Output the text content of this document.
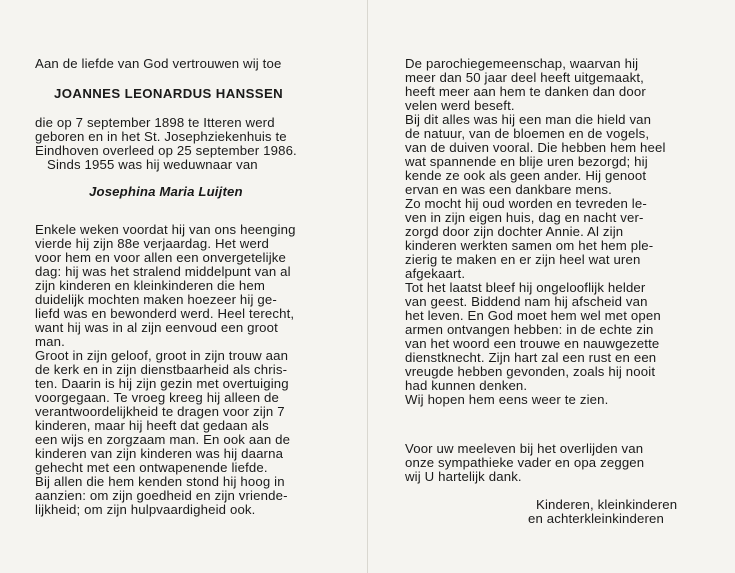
Aan de liefde van God vertrouwen wij toe
JOANNES LEONARDUS HANSSEN
die op 7 september 1898 te Itteren werd
geboren en in het St. Josephziekenhuis te
Eindhoven overleed op 25 september 1986.
Sinds 1955 was hij weduwnaar van
Josephina Maria Luijten
Enkele weken voordat hij van ons heenging
vierde hij zijn 88e verjaardag. Het werd
voor hem en voor allen een onvergetelijke
dag: hij was het stralend middelpunt van al
zijn kinderen en kleinkinderen die hem
duidelijk mochten maken hoezeer hij ge-
liefd was en bewonderd werd. Heel terecht,
want hij was in al zijn eenvoud een groot
man.
Groot in zijn geloof, groot in zijn trouw aan
de kerk en in zijn dienstbaarheid als chris-
ten. Daarin is hij zijn gezin met overtuiging
voorgegaan. Te vroeg kreeg hij alleen de
verantwoordelijkheid te dragen voor zijn 7
kinderen, maar hij heeft dat gedaan als
een wijs en zorgzaam man. En ook aan de
kinderen van zijn kinderen was hij daarna
gehecht met een ontwapenende liefde.
Bij allen die hem kenden stond hij hoog in
aanzien: om zijn goedheid en zijn vriende-
lijkheid; om zijn hulpvaardigheid ook.
De parochiegemeenschap, waarvan hij
meer dan 50 jaar deel heeft uitgemaakt,
heeft meer aan hem te danken dan door
velen werd beseft.
Bij dit alles was hij een man die hield van
de natuur, van de bloemen en de vogels,
van de duiven vooral. Die hebben hem heel
wat spannende en blije uren bezorgd; hij
kende ze ook als geen ander. Hij genoot
ervan en was een dankbare mens.
Zo mocht hij oud worden en tevreden le-
ven in zijn eigen huis, dag en nacht ver-
zorgd door zijn dochter Annie. Al zijn
kinderen werkten samen om het hem ple-
zierig te maken en er zijn heel wat uren
afgekaart.
Tot het laatst bleef hij ongelooflijk helder
van geest. Biddend nam hij afscheid van
het leven. En God moet hem wel met open
armen ontvangen hebben: in de echte zin
van het woord een trouwe en nauwgezette
dienstknecht. Zijn hart zal een rust en een
vreugde hebben gevonden, zoals hij nooit
had kunnen denken.
Wij hopen hem eens weer te zien.
Voor uw meeleven bij het overlijden van
onze sympathieke vader en opa zeggen
wij U hartelijk dank.
Kinderen, kleinkinderen
en achterkleinkinderen
